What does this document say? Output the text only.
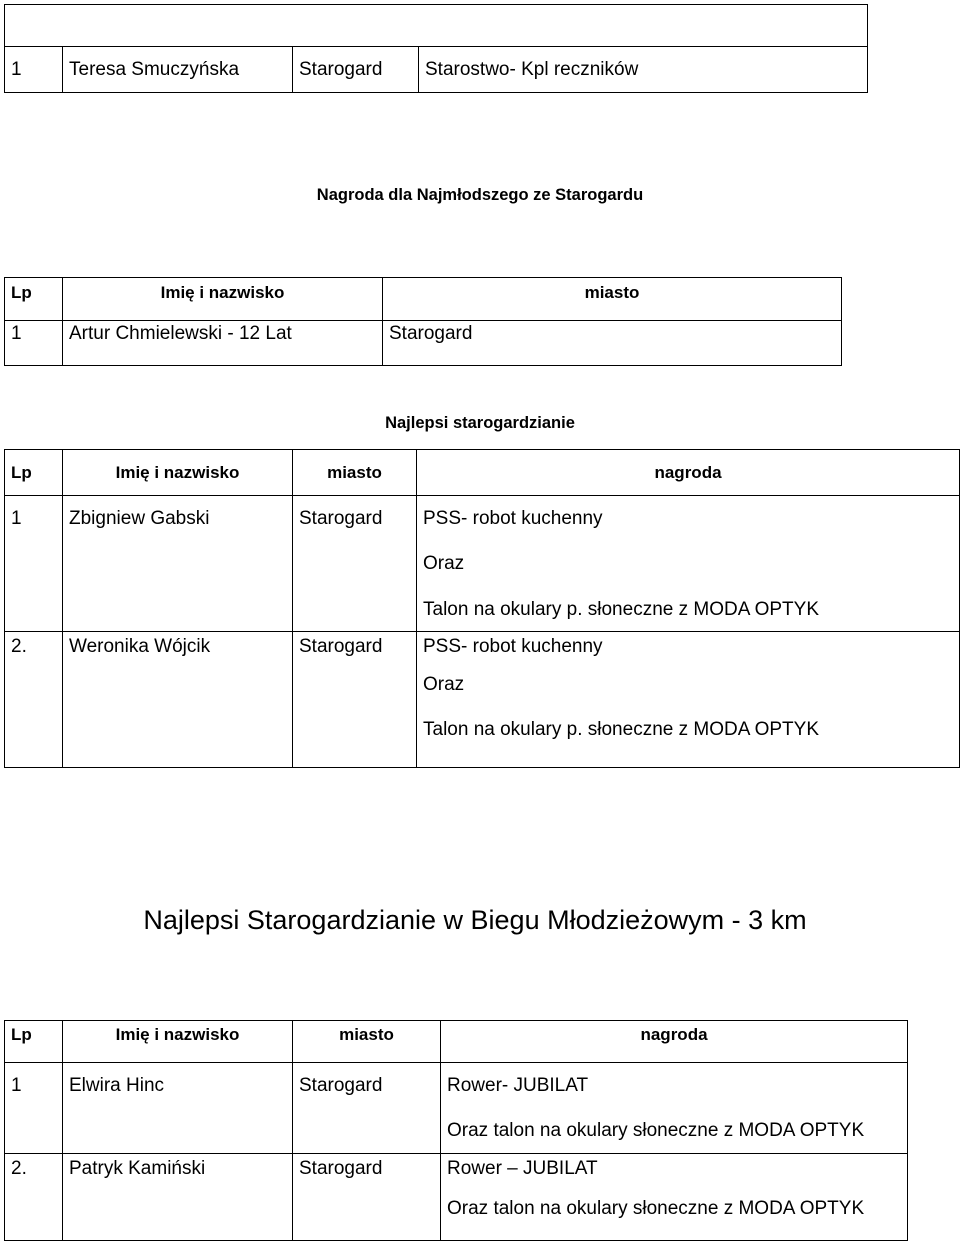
1	Teresa Smuczyńska	Starogard	Starostwo- Kpl reczników
Nagroda dla Najmłodszego ze Starogardu
Lp	Imię i nazwisko	miasto

1	Artur Chmielewski - 12 Lat	Starogard
Najlepsi starogardzianie
Lp	Imię i nazwisko	miasto	nagroda

1	Zbigniew Gabski	Starogard	PSS- robot kuchenny
Oraz
Talon na okulary p. słoneczne z MODA OPTYK

2.	Weronika Wójcik	Starogard	PSS- robot kuchenny
Oraz
Talon na okulary p. słoneczne z MODA OPTYK
Najlepsi Starogardzianie w Biegu Młodzieżowym - 3 km
Lp	Imię i nazwisko	miasto	nagroda

1	Elwira Hinc	Starogard	Rower- JUBILAT
Oraz talon na okulary słoneczne z MODA OPTYK

2.	Patryk Kamiński	Starogard	Rower – JUBILAT
Oraz talon na okulary słoneczne z MODA OPTYK
